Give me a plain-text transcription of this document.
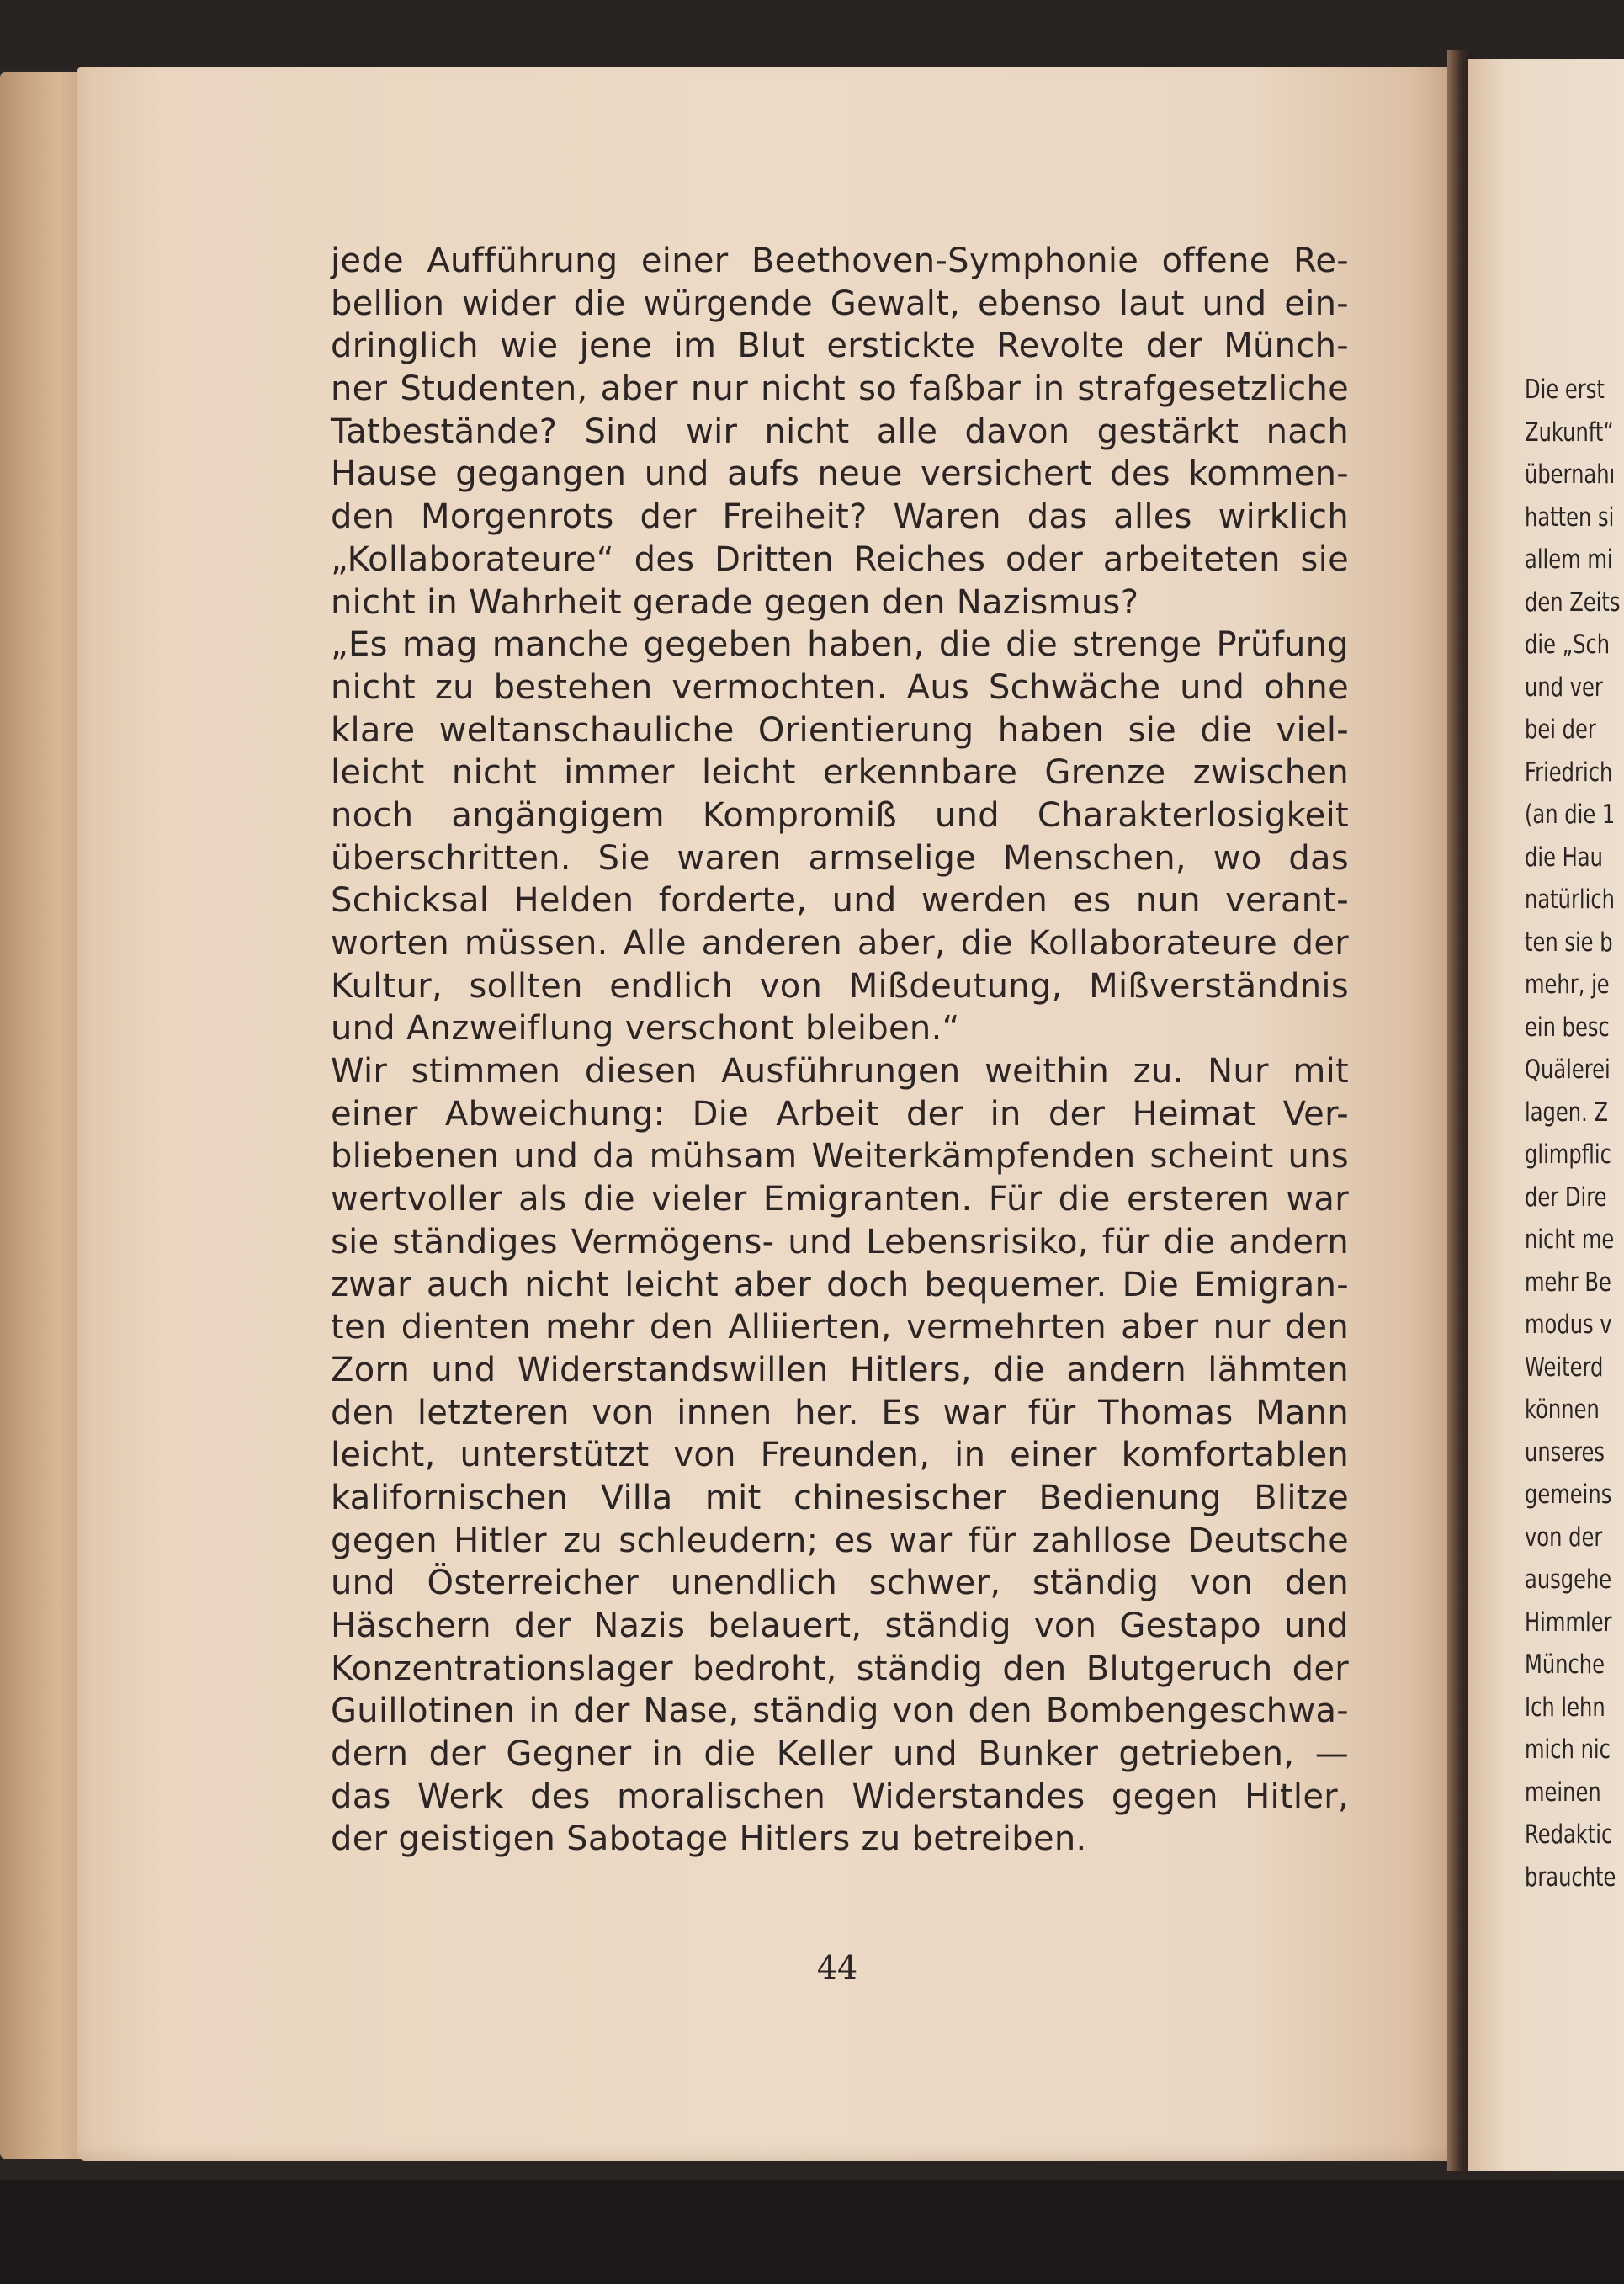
jede Aufführung einer Beethoven-Symphonie offene Re-
bellion wider die würgende Gewalt, ebenso laut und ein-
dringlich wie jene im Blut erstickte Revolte der Münch-
ner Studenten, aber nur nicht so faßbar in strafgesetzliche
Tatbestände? Sind wir nicht alle davon gestärkt nach
Hause gegangen und aufs neue versichert des kommen-
den Morgenrots der Freiheit? Waren das alles wirklich
„Kollaborateure“ des Dritten Reiches oder arbeiteten sie
nicht in Wahrheit gerade gegen den Nazismus?
„Es mag manche gegeben haben, die die strenge Prüfung
nicht zu bestehen vermochten. Aus Schwäche und ohne
klare weltanschauliche Orientierung haben sie die viel-
leicht nicht immer leicht erkennbare Grenze zwischen
noch angängigem Kompromiß und Charakterlosigkeit
überschritten. Sie waren armselige Menschen, wo das
Schicksal Helden forderte, und werden es nun verant-
worten müssen. Alle anderen aber, die Kollaborateure der
Kultur, sollten endlich von Mißdeutung, Mißverständnis
und Anzweiflung verschont bleiben.“
Wir stimmen diesen Ausführungen weithin zu. Nur mit
einer Abweichung: Die Arbeit der in der Heimat Ver-
bliebenen und da mühsam Weiterkämpfenden scheint uns
wertvoller als die vieler Emigranten. Für die ersteren war
sie ständiges Vermögens- und Lebensrisiko, für die andern
zwar auch nicht leicht aber doch bequemer. Die Emigran-
ten dienten mehr den Alliierten, vermehrten aber nur den
Zorn und Widerstandswillen Hitlers, die andern lähmten
den letzteren von innen her. Es war für Thomas Mann
leicht, unterstützt von Freunden, in einer komfortablen
kalifornischen Villa mit chinesischer Bedienung Blitze
gegen Hitler zu schleudern; es war für zahllose Deutsche
und Österreicher unendlich schwer, ständig von den
Häschern der Nazis belauert, ständig von Gestapo und
Konzentrationslager bedroht, ständig den Blutgeruch der
Guillotinen in der Nase, ständig von den Bombengeschwa-
dern der Gegner in die Keller und Bunker getrieben, —
das Werk des moralischen Widerstandes gegen Hitler,
der geistigen Sabotage Hitlers zu betreiben.
44
Die erst
Zukunft“
übernahı
hatten si
allem mi
den Zeits
die „Sch
und ver
bei der
Friedrich
(an die 1
die Hau
natürlich
ten sie b
mehr, je
ein besc
Quälerei
lagen. Z
glimpflic
der Dire
nicht me
mehr Be
modus v
Weiterd
können
unseres
gemeins
von der
ausgehe
Himmler
Münche
Ich lehn
mich nic
meinen
Redaktic
brauchte
